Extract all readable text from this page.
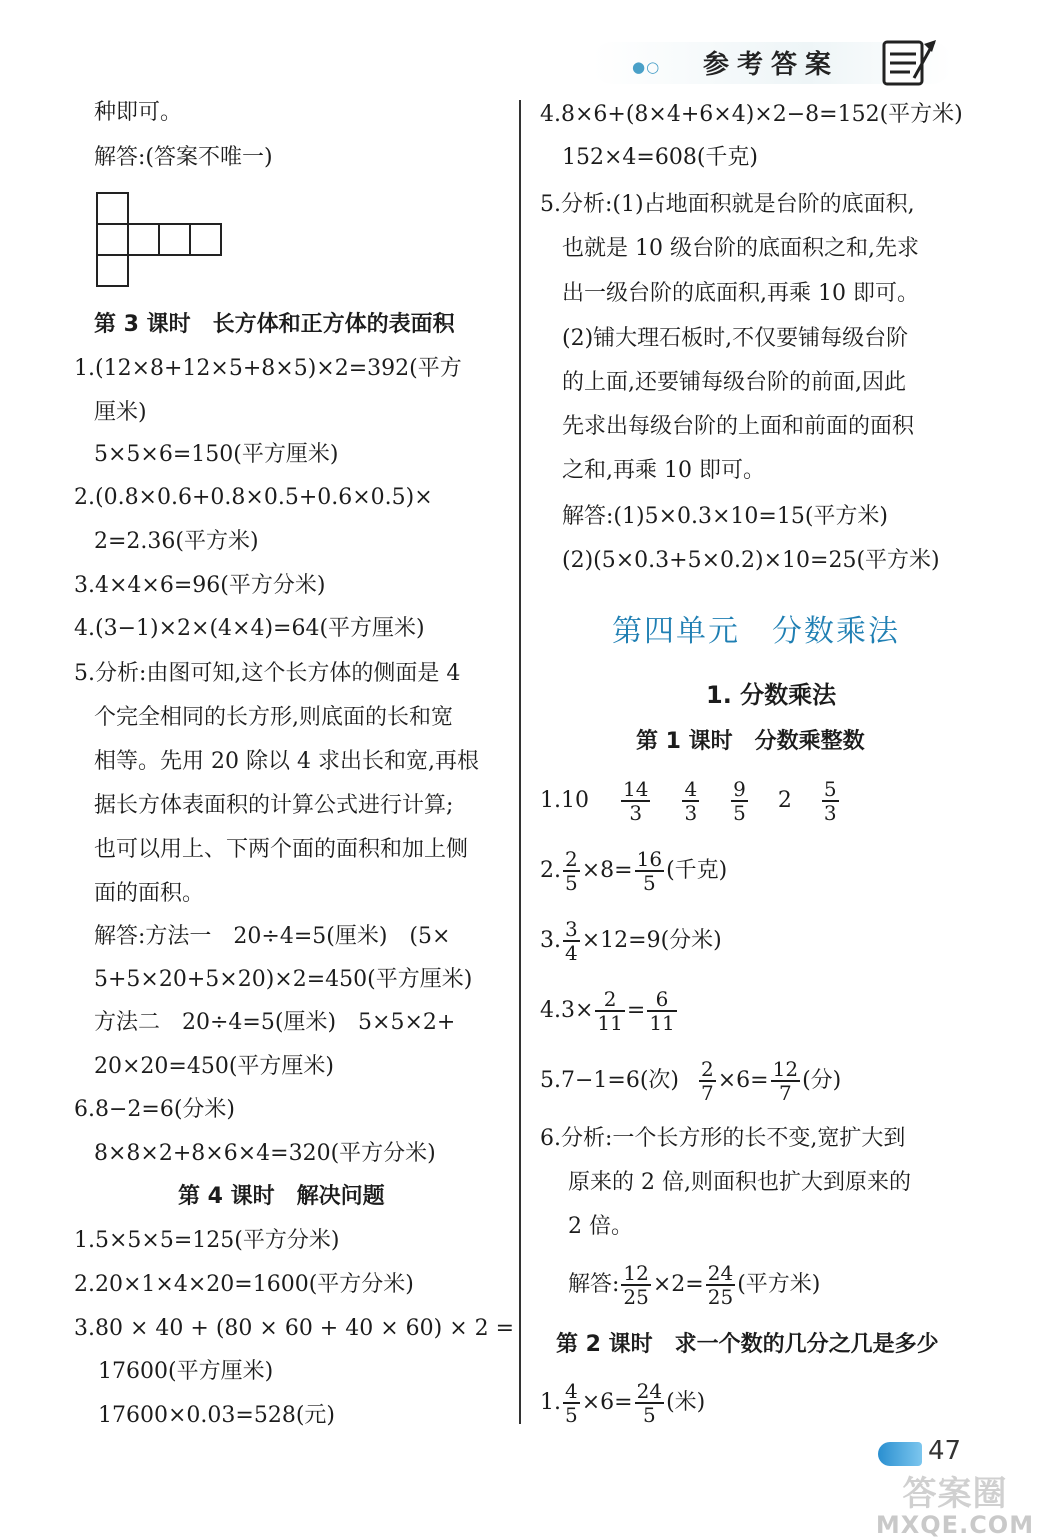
●○ 参考答案
种即可。
解答:(答案不唯一)
第 3 课时　长方体和正方体的表面积
1.(12×8+12×5+8×5)×2=392(平方
厘米)
5×5×6=150(平方厘米)
2.(0.8×0.6+0.8×0.5+0.6×0.5)×
2=2.36(平方米)
3.4×4×6=96(平方分米)
4.(3−1)×2×(4×4)=64(平方厘米)
5.分析:由图可知,这个长方体的侧面是 4
个完全相同的长方形,则底面的长和宽
相等。先用 20 除以 4 求出长和宽,再根
据长方体表面积的计算公式进行计算;
也可以用上、下两个面的面积和加上侧
面的面积。
解答:方法一　20÷4=5(厘米)　(5×
5+5×20+5×20)×2=450(平方厘米)
方法二　20÷4=5(厘米)　5×5×2+
20×20=450(平方厘米)
6.8−2=6(分米)
8×8×2+8×6×4=320(平方分米)
第 4 课时　解决问题
1.5×5×5=125(平方分米)
2.20×1×4×20=1600(平方分米)
3.80 × 40 + (80 × 60 + 40 × 60) × 2 =
17600(平方厘米)
17600×0.03=528(元)
4.8×6+(8×4+6×4)×2−8=152(平方米)
152×4=608(千克)
5.分析:(1)占地面积就是台阶的底面积,
也就是 10 级台阶的底面积之和,先求
出一级台阶的底面积,再乘 10 即可。
(2)铺大理石板时,不仅要铺每级台阶
的上面,还要铺每级台阶的前面,因此
先求出每级台阶的上面和前面的面积
之和,再乘 10 即可。
解答:(1)5×0.3×10=15(平方米)
(2)(5×0.3+5×0.2)×10=25(平方米)
第四单元 分数乘法
1. 分数乘法
第 1 课时　分数乘整数
$1.10 \frac{14}{3}$
$\frac{4}{3}$
$\frac{9}{5} 2 \frac{5}{3}$
2. $\frac{2}{5} \times 8= \frac{16}{5}$ (千克)
3. $\frac{3}{4} \times 12=9$(分米)
$4.3\times \frac{2}{11} = \frac{6}{11}$
5.7−1=6(次) $\frac{2}{7} \times 6= \frac{12}{7}$ (分)
6.分析:一个长方形的长不变,宽扩大到
原来的 2 倍,则面积也扩大到原来的
2 倍。
解答: $\frac{12}{25} \times 2= \frac{24}{25}$ (平方米)
第 2 课时　求一个数的几分之几是多少
1. $\frac{4}{5} \times 6= \frac{24}{5}$ (米)
47
答案圈
MXQE.COM
